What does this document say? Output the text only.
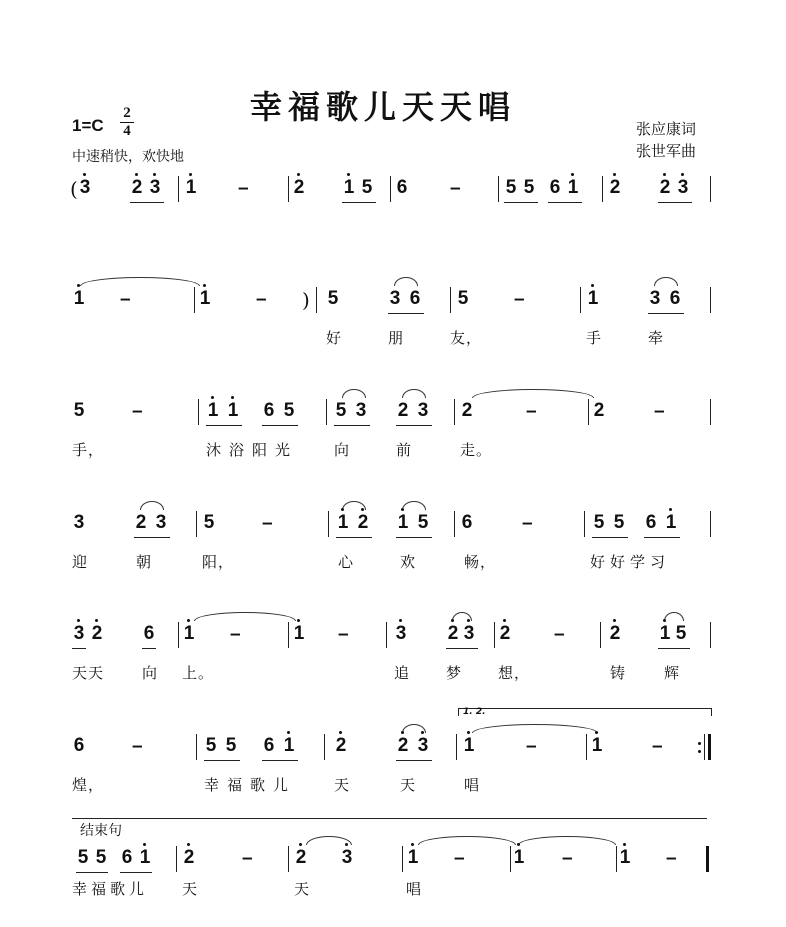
幸福歌儿天天唱
1=C
2
4
中速稍快，欢快地
张应康词
张世军曲
( 3 2 3 1 – 2 1 5 6 – 5 5 6 1 2 2 3
1 –	1 – ) 5	3 6 5 –	1	3 6
好	朋	友，	手	牵
5	–	1 1 6 5 5 3 2 3 2	–	2	–
手，	沐浴阳光 向	前	走。
3	2 3 5	–	1 2 1 5 6	–	5 5 6 1
迎	朝	阳，	心	欢	畅，	好好学习
3 2 6 1 –	1 – 3 2 3 2 – 2 1 5
天天	向 上。	追 梦 想，	铸	辉
1. 2.
6	–	5 5 6 1 2	2 3 1	–	1	–
煌，	幸福歌儿	天	天	唱
结束句
5 5 6 1 2	– 2 3	1 –	1 – 1 –
幸福歌儿 天	天	唱
